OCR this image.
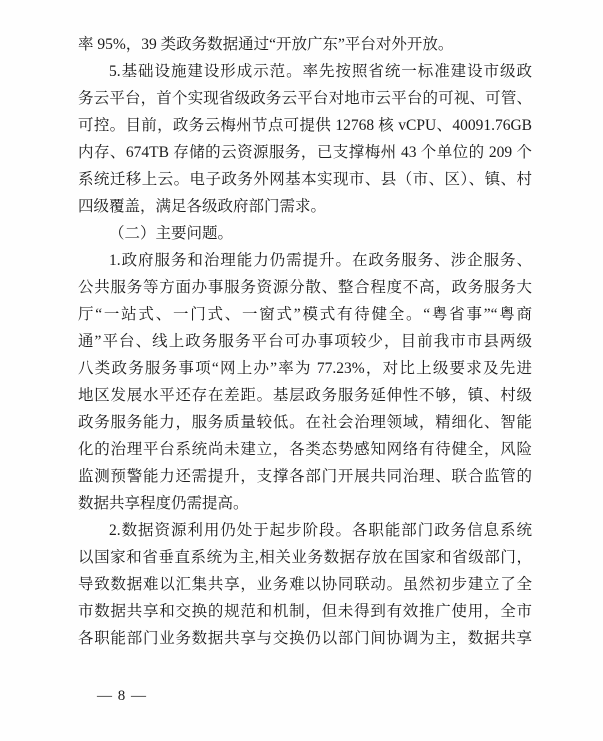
率 95%，39 类政务数据通过“开放广东”平台对外开放。
5.基础设施建设形成示范。率先按照省统一标准建设市级政
务云平台，首个实现省级政务云平台对地市云平台的可视、可管、
可控。目前，政务云梅州节点可提供 12768 核 vCPU、40091.76GB
内存、674TB 存储的云资源服务，已支撑梅州 43 个单位的 209 个
系统迁移上云。电子政务外网基本实现市、县（市、区）、镇、村
四级覆盖，满足各级政府部门需求。
（二）主要问题。
1.政府服务和治理能力仍需提升。在政务服务、涉企服务、
公共服务等方面办事服务资源分散、整合程度不高，政务服务大
厅“一站式、一门式、一窗式”模式有待健全。“粤省事”“粤商
通”平台、线上政务服务平台可办事项较少，目前我市市县两级
八类政务服务事项“网上办”率为 77.23%，对比上级要求及先进
地区发展水平还存在差距。基层政务服务延伸性不够，镇、村级
政务服务能力，服务质量较低。在社会治理领域，精细化、智能
化的治理平台系统尚未建立，各类态势感知网络有待健全，风险
监测预警能力还需提升，支撑各部门开展共同治理、联合监管的
数据共享程度仍需提高。
2.数据资源利用仍处于起步阶段。各职能部门政务信息系统
以国家和省垂直系统为主,相关业务数据存放在国家和省级部门，
导致数据难以汇集共享，业务难以协同联动。虽然初步建立了全
市数据共享和交换的规范和机制，但未得到有效推广使用，全市
各职能部门业务数据共享与交换仍以部门间协调为主，数据共享
— 8 —
